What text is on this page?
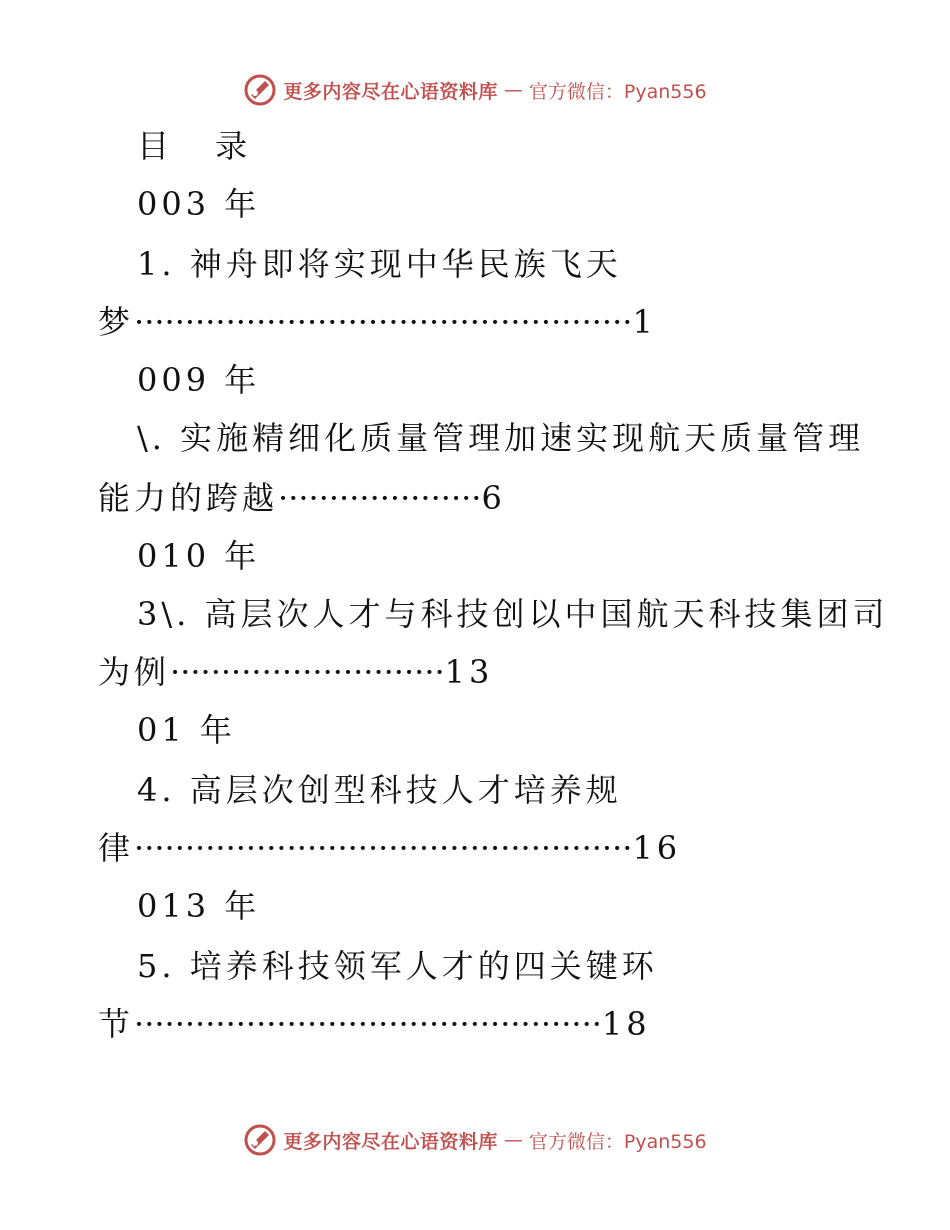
更多内容尽在心语资料库 — 官方微信：Pyan556
目 录
003 年
1. 神舟即将实现中华民族飞天
梦·················································1
009 年
\. 实施精细化质量管理加速实现航天质量管理
能力的跨越····················6
010 年
3\. 高层次人才与科技创以中国航天科技集团司
为例···························13
01 年
4. 高层次创型科技人才培养规
律·················································16
013 年
5. 培养科技领军人才的四关键环
节··············································18
更多内容尽在心语资料库 — 官方微信：Pyan556
